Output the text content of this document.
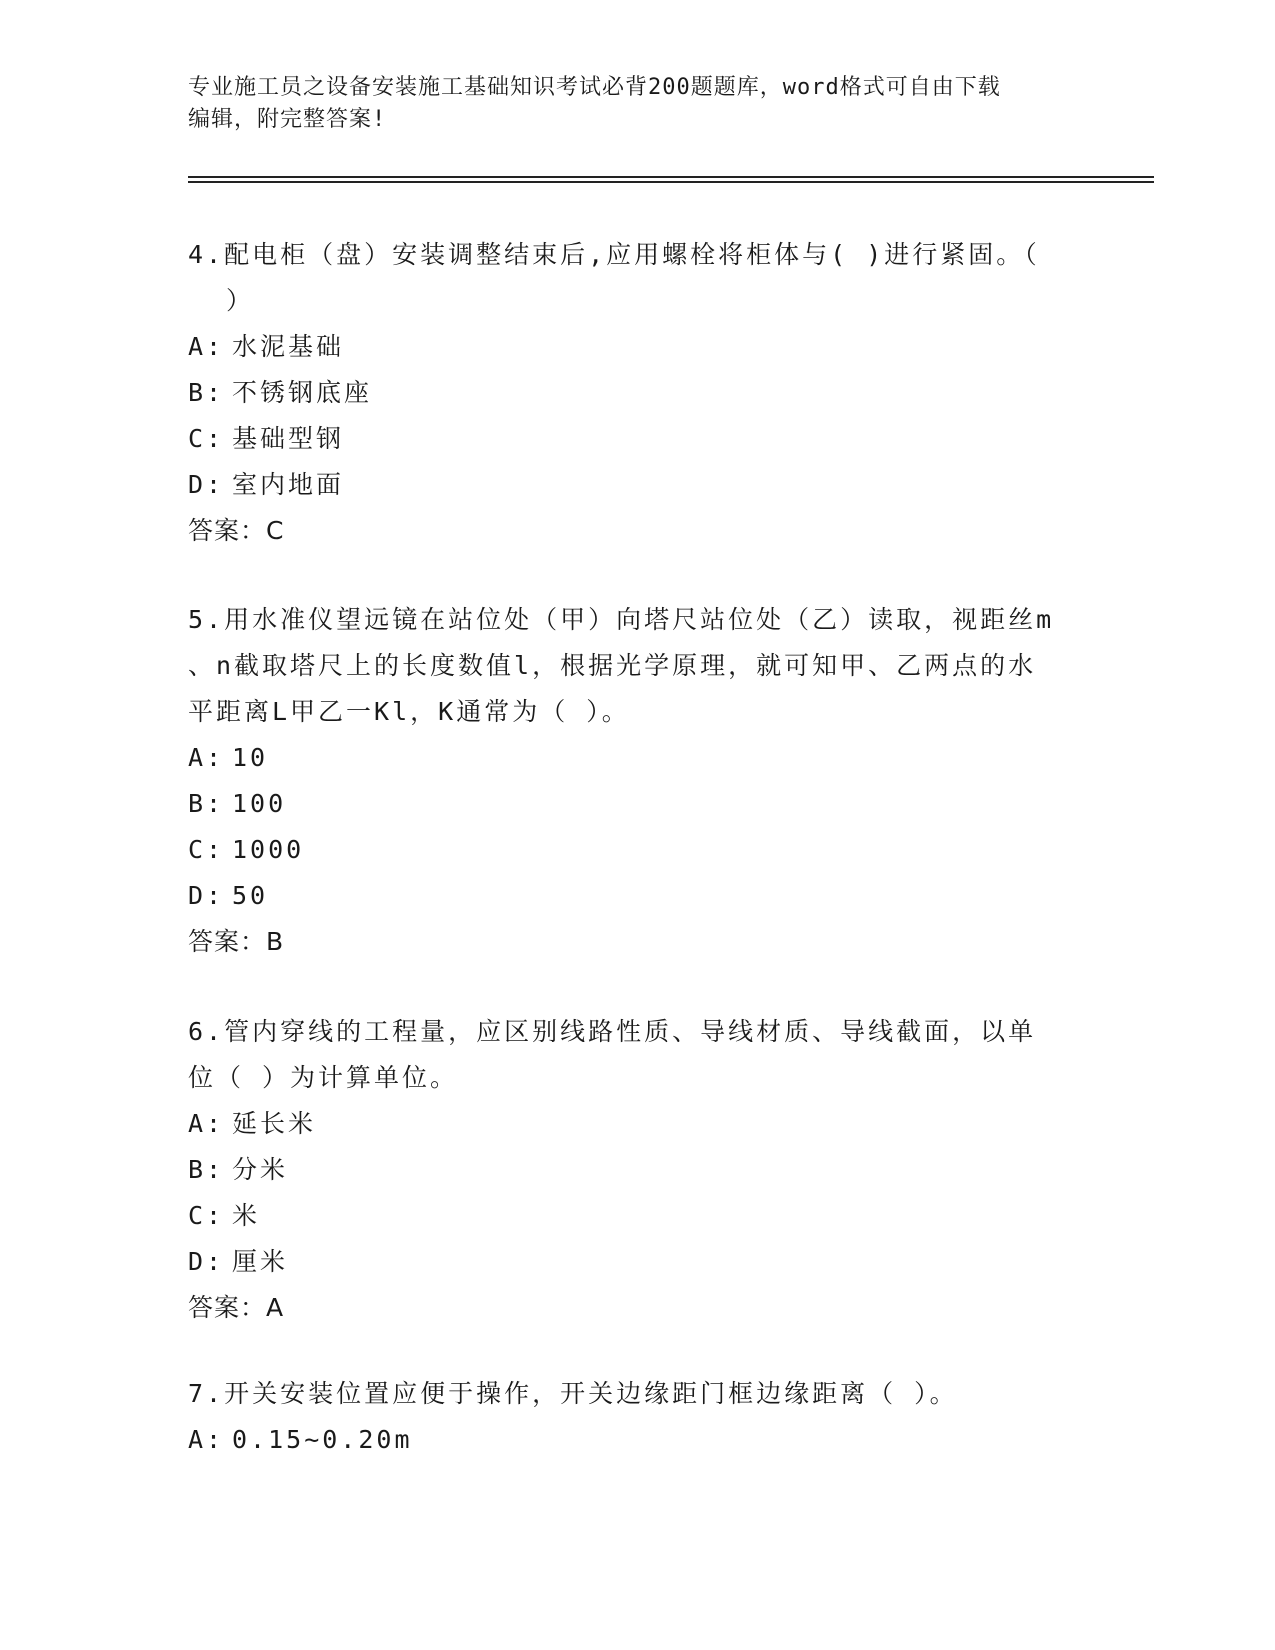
专业施工员之设备安装施工基础知识考试必背200题题库，word格式可自由下载
编辑，附完整答案!
4.配电柜（盘）安装调整结束后,应用螺栓将柜体与( )进行紧固。（
）
A: 水泥基础
B: 不锈钢底座
C: 基础型钢
D: 室内地面
答案：C
5.用水准仪望远镜在站位处（甲）向塔尺站位处（乙）读取，视距丝m
、n截取塔尺上的长度数值l，根据光学原理，就可知甲、乙两点的水
平距离L甲乙一Kl，K通常为（ ）。
A: 10
B: 100
C: 1000
D: 50
答案：B
6.管内穿线的工程量，应区别线路性质、导线材质、导线截面，以单
位（ ）为计算单位。
A: 延长米
B: 分米
C: 米
D: 厘米
答案：A
7.开关安装位置应便于操作，开关边缘距门框边缘距离（ ）。
A: 0.15~0.20m
